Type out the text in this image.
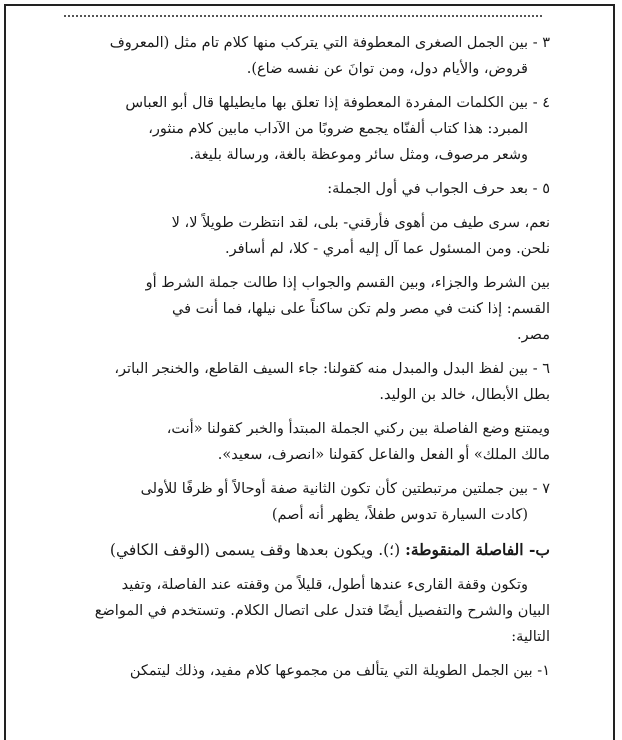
٣ - بين الجمل الصغرى المعطوفة التي يتركب منها كلام تام مثل (المعروف
قروض، والأيام دول، ومن توانَ عن نفسه ضاع).
٤ - بين الكلمات المفردة المعطوفة إذا تعلق بها مايطيلها قال أبو العباس
المبرد: هذا كتاب ألفنّاه يجمع ضروبًا من الآداب مابين كلام منثور،
وشعر مرصوف، ومثل سائر وموعظة بالغة، ورسالة بليغة.
٥ - بعد حرف الجواب في أول الجملة:
نعم، سرى طيف من أهوى فأرقني- بلى، لقد انتظرت طويلاً لا، لا
نلحن. ومن المسئول عما آل إليه أمري - كلا، لم أسافر.
بين الشرط والجزاء، وبين القسم والجواب إذا طالت جملة الشرط أو
القسم: إذا كنت في مصر ولم تكن ساكناً على نيلها، فما أنت في
مصر.
٦ - بين لفظ البدل والمبدل منه كقولنا: جاء السيف القاطع، والخنجر الباتر،
بطل الأبطال، خالد بن الوليد.
ويمتنع وضع الفاصلة بين ركني الجملة المبتدأ والخبر كقولنا «أنت،
مالك الملك» أو الفعل والفاعل كقولنا «انصرف، سعيد».
٧ - بين جملتين مرتبطتين كأن تكون الثانية صفة أوحالاً أو ظرفًا للأولى
(كادت السيارة تدوس طفلاً، يظهر أنه أصم)
ب- الفاصلة المنقوطة: (؛). ويكون بعدها وقف يسمى (الوقف الكافي)
وتكون وقفة القارىء عندها أطول، قليلاً من وقفته عند الفاصلة، وتفيد
البيان والشرح والتفصيل أيضًا فتدل على اتصال الكلام. وتستخدم في المواضع
التالية:
١- بين الجمل الطويلة التي يتألف من مجموعها كلام مفيد، وذلك ليتمكن
